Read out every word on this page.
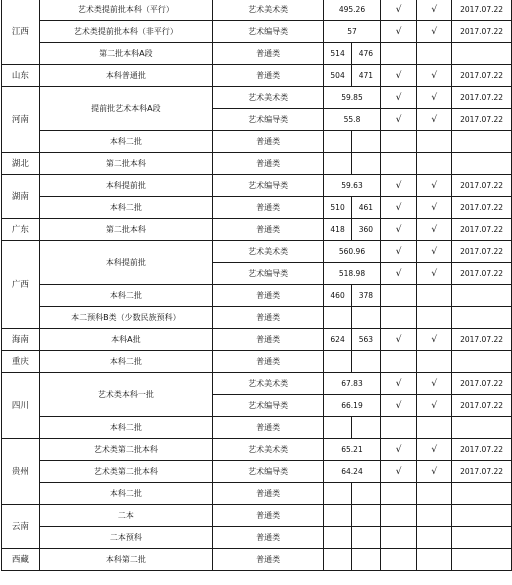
江西	艺术类提前批本科（平行）	艺术美术类	495.26		√	√	2017.07.22
	艺术类提前批本科（非平行）	艺术编导类	57		√	√	2017.07.22
	第二批本科A段	普通类	514	476			
山东	本科普通批	普通类	504	471	√	√	2017.07.22
河南	提前批艺术本科A段	艺术美术类	59.85		√	√	2017.07.22
		艺术编导类	55.8		√	√	2017.07.22
	本科二批	普通类					
湖北	第二批本科	普通类					
湖南	本科提前批	艺术编导类	59.63		√	√	2017.07.22
	本科二批	普通类	510	461	√	√	2017.07.22
广东	第二批本科	普通类	418	360	√	√	2017.07.22
广西	本科提前批	艺术美术类	560.96		√	√	2017.07.22
		艺术编导类	518.98		√	√	2017.07.22
	本科二批	普通类	460	378			
	本二预科B类（少数民族预科）	普通类					
海南	本科A批	普通类	624	563	√	√	2017.07.22
重庆	本科二批	普通类					
四川	艺术类本科一批	艺术美术类	67.83		√	√	2017.07.22
		艺术编导类	66.19		√	√	2017.07.22
	本科二批	普通类					
贵州	艺术类第二批本科	艺术美术类	65.21		√	√	2017.07.22
	艺术类第二批本科	艺术编导类	64.24		√	√	2017.07.22
	本科二批	普通类					
云南	二本	普通类					
	二本预科	普通类					
西藏	本科第二批	普通类					
